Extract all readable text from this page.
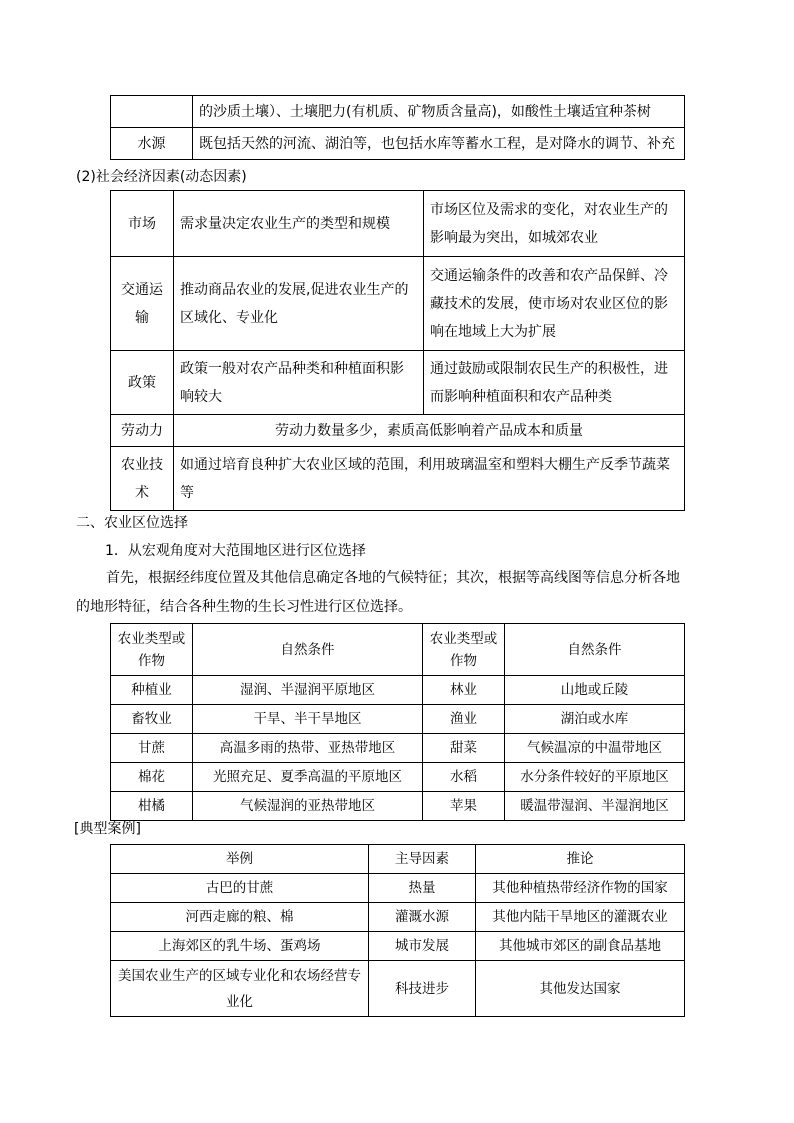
	的沙质土壤）、土壤肥力(有机质、矿物质含量高)，如酸性土壤适宜种茶树
水源	既包括天然的河流、湖泊等，也包括水库等蓄水工程，是对降水的调节、补充
(2)社会经济因素(动态因素)
市场	需求量决定农业生产的类型和规模	市场区位及需求的变化，对农业生产的影响最为突出，如城郊农业
交通运输	推动商品农业的发展,促进农业生产的区域化、专业化	交通运输条件的改善和农产品保鲜、冷藏技术的发展，使市场对农业区位的影响在地域上大为扩展
政策	政策一般对农产品种类和种植面积影响较大	通过鼓励或限制农民生产的积极性，进而影响种植面积和农产品种类
劳动力	劳动力数量多少，素质高低影响着产品成本和质量	
农业技术	如通过培育良种扩大农业区域的范围，利用玻璃温室和塑料大棚生产反季节蔬菜等	
二、农业区位选择
1．从宏观角度对大范围地区进行区位选择
首先，根据经纬度位置及其他信息确定各地的气候特征；其次，根据等高线图等信息分析各地的地形特征，结合各种生物的生长习性进行区位选择。
农业类型或作物	自然条件	农业类型或作物	自然条件
种植业	湿润、半湿润平原地区	林业	山地或丘陵
畜牧业	干旱、半干旱地区	渔业	湖泊或水库
甘蔗	高温多雨的热带、亚热带地区	甜菜	气候温凉的中温带地区
棉花	光照充足、夏季高温的平原地区	水稻	水分条件较好的平原地区
柑橘	气候湿润的亚热带地区	苹果	暖温带湿润、半湿润地区
[典型案例]
举例	主导因素	推论
古巴的甘蔗	热量	其他种植热带经济作物的国家
河西走廊的粮、棉	灌溉水源	其他内陆干旱地区的灌溉农业
上海郊区的乳牛场、蛋鸡场	城市发展	其他城市郊区的副食品基地
美国农业生产的区域专业化和农场经营专业化	科技进步	其他发达国家
